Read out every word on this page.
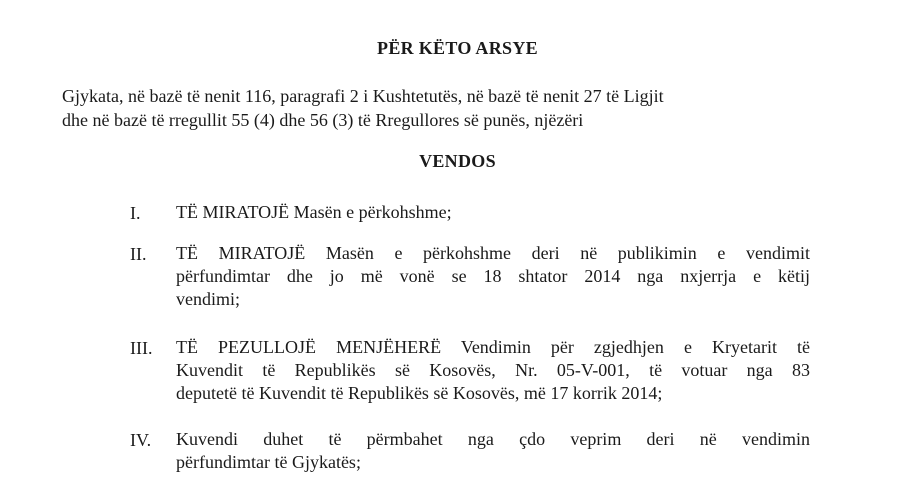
PËR KËTO ARSYE
Gjykata, në bazë të nenit 116, paragrafi 2 i Kushtetutës, në bazë të nenit 27 të Ligjit
dhe në bazë të rregullit 55 (4) dhe 56 (3) të Rregullores së punës, njëzëri
VENDOS
I. TË MIRATOJË Masën e përkohshme;
II. TË MIRATOJË Masën e përkohshme deri në publikimin e vendimit
përfundimtar dhe jo më vonë se 18 shtator 2014 nga nxjerrja e këtij
vendimi;
III. TË PEZULLOJË MENJËHERË Vendimin për zgjedhjen e Kryetarit të
Kuvendit të Republikës së Kosovës, Nr. 05-V-001, të votuar nga 83
deputetë të Kuvendit të Republikës së Kosovës, më 17 korrik 2014;
IV. Kuvendi duhet të përmbahet nga çdo veprim deri në vendimin
përfundimtar të Gjykatës;
